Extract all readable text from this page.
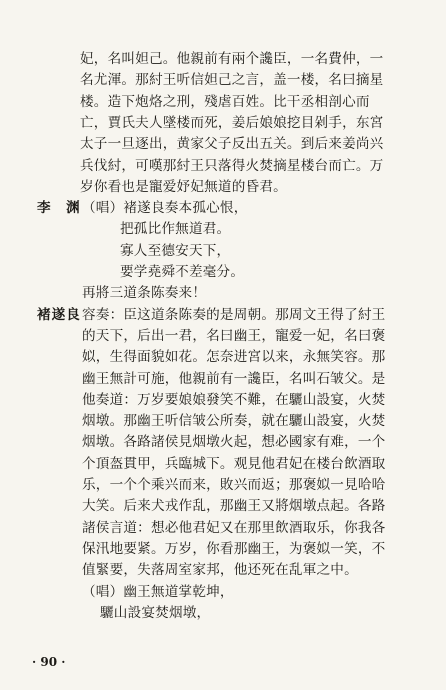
妃，名叫妲己。他親前有兩个讒臣，一名費仲，一
名尤渾。那紂王听信妲己之言，盖一楼，名曰摘星
楼。造下炮烙之刑，殘虐百姓。比干丞相剖心而
亡，賈氏夫人墜楼而死，姜后娘娘挖目剁手，东宮
太子一旦逐出，黄家父子反出五关。到后来姜尚兴
兵伐紂，可嘆那紂王只落得火焚摘星楼台而亡。万
岁你看也是寵爱妤妃無道的昏君。
李　渊 （唱）褚遂良奏本孤心恨，
把孤比作無道君。
寡人至德安天下，
要学堯舜不差毫分。
再將三道条陈奏来！
褚遂良 容奏：臣这道条陈奏的是周朝。那周文王得了紂王
的天下，后出一君，名曰幽王，寵爱一妃，名曰褒
姒，生得面貌如花。怎奈进宮以来，永無笑容。那
幽王無計可施，他親前有一讒臣，名叫石皱父。是
他奏道：万岁要娘娘發笑不難，在驪山設宴，火焚
烟墩。那幽王听信皱公所奏，就在驪山設宴，火焚
烟墩。各路諸侯見烟墩火起，想必國家有难，一个
个頂盔貫甲，兵臨城下。观見他君妃在楼台飲酒取
乐，一个个乘兴而来，敗兴而返；那褒姒一見哈哈
大笑。后来犬戎作乱，那幽王又將烟墩点起。各路
諸侯言道：想必他君妃又在那里飲酒取乐，你我各
保汛地要紧。万岁，你看那幽王，为褒姒一笑，不
值緊要，失落周室家邦，他还死在乱軍之中。
（唱）幽王無道掌乾坤，
驪山設宴焚烟墩，
· 90 ·
